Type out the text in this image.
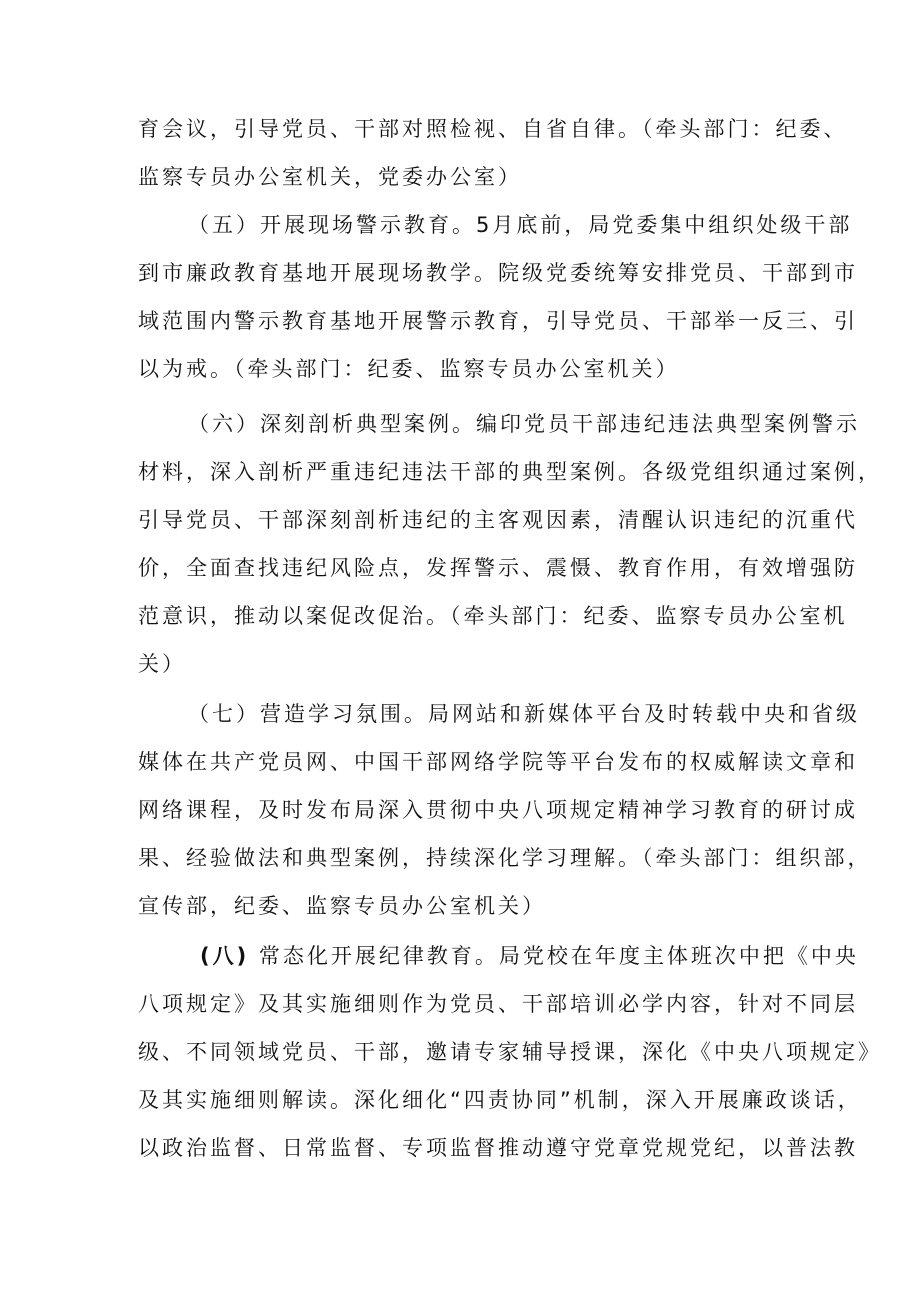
育会议，引导党员、干部对照检视、自省自律。（牵头部门：纪委、
监察专员办公室机关，党委办公室）
（五）开展现场警示教育。5月底前，局党委集中组织处级干部
到市廉政教育基地开展现场教学。院级党委统筹安排党员、干部到市
域范围内警示教育基地开展警示教育，引导党员、干部举一反三、引
以为戒。（牵头部门：纪委、监察专员办公室机关）
（六）深刻剖析典型案例。编印党员干部违纪违法典型案例警示
材料，深入剖析严重违纪违法干部的典型案例。各级党组织通过案例，
引导党员、干部深刻剖析违纪的主客观因素，清醒认识违纪的沉重代
价，全面查找违纪风险点，发挥警示、震慑、教育作用，有效增强防
范意识，推动以案促改促治。（牵头部门：纪委、监察专员办公室机
关）
（七）营造学习氛围。局网站和新媒体平台及时转载中央和省级
媒体在共产党员网、中国干部网络学院等平台发布的权威解读文章和
网络课程，及时发布局深入贯彻中央八项规定精神学习教育的研讨成
果、经验做法和典型案例，持续深化学习理解。（牵头部门：组织部，
宣传部，纪委、监察专员办公室机关）
(八) 常态化开展纪律教育。局党校在年度主体班次中把《中央
八项规定》及其实施细则作为党员、干部培训必学内容，针对不同层
级、不同领域党员、干部，邀请专家辅导授课，深化《中央八项规定》
及其实施细则解读。深化细化“四责协同”机制，深入开展廉政谈话，
以政治监督、日常监督、专项监督推动遵守党章党规党纪，以普法教
